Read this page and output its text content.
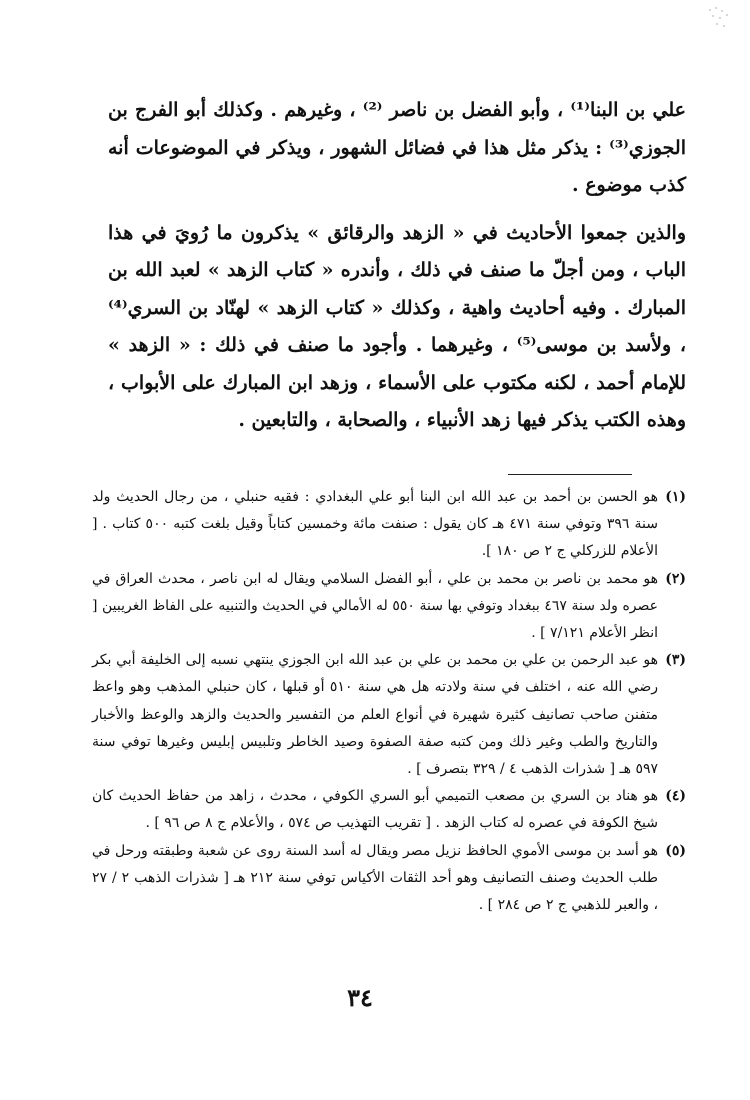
علي بن البنا⁽¹⁾ ، وأبو الفضل بن ناصر ⁽²⁾ ، وغيرهم . وكذلك أبو الفرج بن الجوزي⁽³⁾ : يذكر مثل هذا في فضائل الشهور ، ويذكر في الموضوعات أنه كذب موضوع .

والذين جمعوا الأحاديث في « الزهد والرقائق » يذكرون ما رُويَ في هذا الباب ، ومن أجلّ ما صنف في ذلك ، وأندره « كتاب الزهد » لعبد الله بن المبارك . وفيه أحاديث واهية ، وكذلك « كتاب الزهد » لهنّاد بن السري⁽⁴⁾ ، ولأسد بن موسى⁽⁵⁾ ، وغيرهما . وأجود ما صنف في ذلك : « الزهد » للإمام أحمد ، لكنه مكتوب على الأسماء ، وزهد ابن المبارك على الأبواب ، وهذه الكتب يذكر فيها زهد الأنبياء ، والصحابة ، والتابعين .

(١)
هو الحسن بن أحمد بن عبد الله ابن البنا أبو علي البغدادي : فقيه حنبلي ، من رجال الحديث ولد سنة ٣٩٦ وتوفي سنة ٤٧١ هـ كان يقول : صنفت مائة وخمسين كتاباً وقيل بلغت كتبه ٥٠٠ كتاب . [ الأعلام للزركلي ج ٢ ص ١٨٠ ].

(٢)
هو محمد بن ناصر بن محمد بن علي ، أبو الفضل السلامي ويقال له ابن ناصر ، محدث العراق في عصره ولد سنة ٤٦٧ ببغداد وتوفي بها سنة ٥٥٠ له الأمالي في الحديث والتنبيه على الفاظ الغريبين [ انظر الأعلام ٧/١٢١ ] .

(٣)
هو عبد الرحمن بن علي بن محمد بن علي بن عبد الله ابن الجوزي ينتهي نسبه إلى الخليفة أبي بكر رضي الله عنه ، اختلف في سنة ولادته هل هي سنة ٥١٠ أو قبلها ، كان حنبلي المذهب وهو واعظ متفنن صاحب تصانيف كثيرة شهيرة في أنواع العلم من التفسير والحديث والزهد والوعظ والأخبار والتاريخ والطب وغير ذلك ومن كتبه صفة الصفوة وصيد الخاطر وتلبيس إبليس وغيرها توفي سنة ٥٩٧ هـ [ شذرات الذهب ٤ / ٣٢٩ بتصرف ] .

(٤)
هو هناد بن السري بن مصعب التميمي أبو السري الكوفي ، محدث ، زاهد من حفاظ الحديث كان شيخ الكوفة في عصره له كتاب الزهد . [ تقريب التهذيب ص ٥٧٤ ، والأعلام ج ٨ ص ٩٦ ] .

(٥)
هو أسد بن موسى الأموي الحافظ نزيل مصر ويقال له أسد السنة روى عن شعبة وطبقته ورحل في طلب الحديث وصنف التصانيف وهو أحد الثقات الأكياس توفي سنة ٢١٢ هـ [ شذرات الذهب ٢ / ٢٧ ، والعبر للذهبي ج ٢ ص ٢٨٤ ] .

٣٤
